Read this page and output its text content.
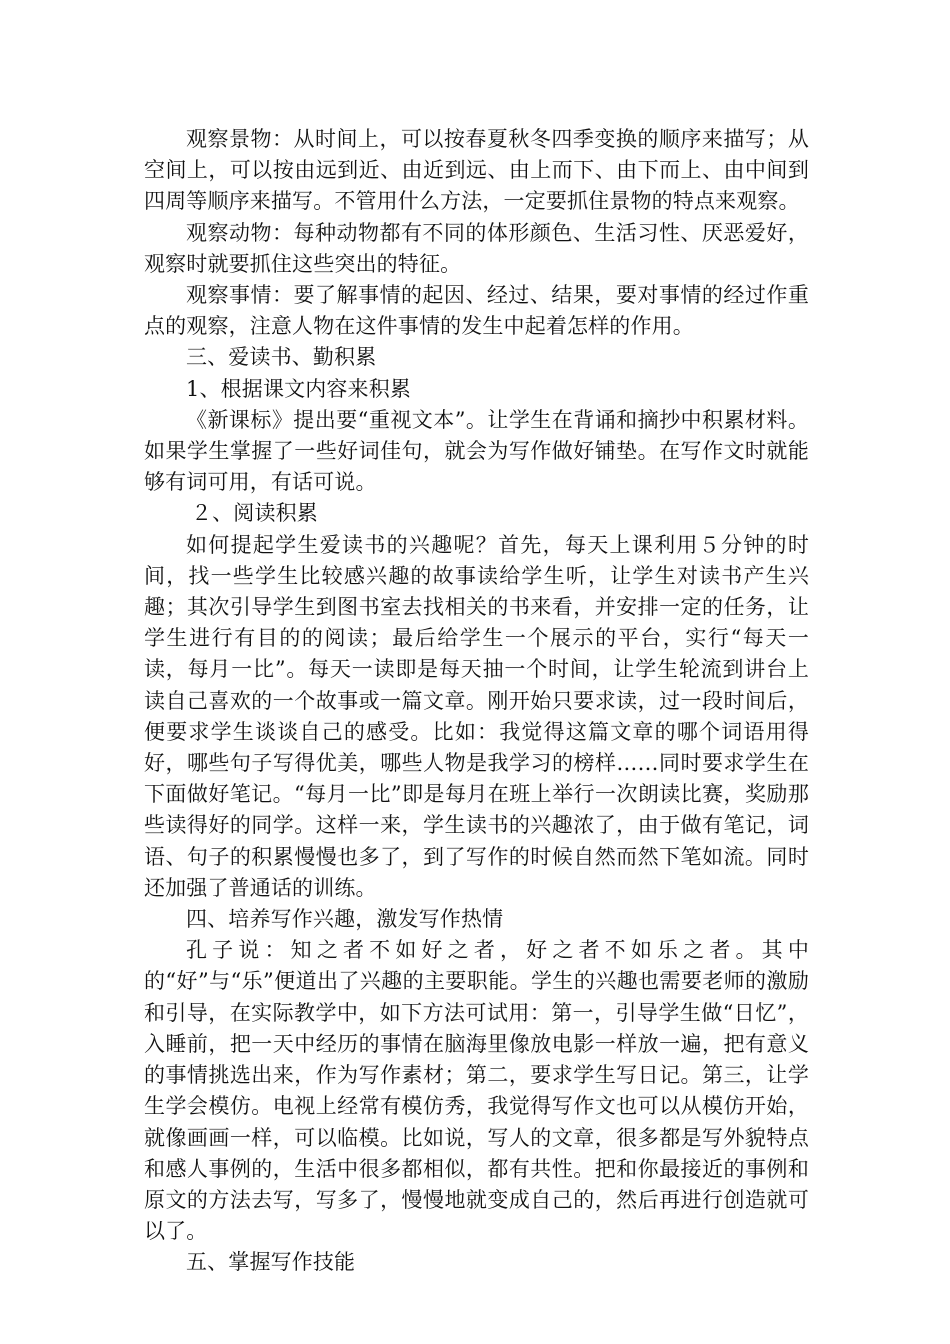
观察景物：从时间上，可以按春夏秋冬四季变换的顺序来描写；从空间上，可以按由远到近、由近到远、由上而下、由下而上、由中间到四周等顺序来描写。不管用什么方法，一定要抓住景物的特点来观察。

观察动物：每种动物都有不同的体形颜色、生活习性、厌恶爱好，观察时就要抓住这些突出的特征。

观察事情：要了解事情的起因、经过、结果，要对事情的经过作重点的观察，注意人物在这件事情的发生中起着怎样的作用。

三、爱读书、勤积累

1、根据课文内容来积累

《新课标》提出要“重视文本”。让学生在背诵和摘抄中积累材料。如果学生掌握了一些好词佳句，就会为写作做好铺垫。在写作文时就能够有词可用，有话可说。

２、阅读积累

如何提起学生爱读书的兴趣呢？首先，每天上课利用５分钟的时间，找一些学生比较感兴趣的故事读给学生听，让学生对读书产生兴趣；其次引导学生到图书室去找相关的书来看，并安排一定的任务，让学生进行有目的的阅读；最后给学生一个展示的平台，实行“每天一读，每月一比”。每天一读即是每天抽一个时间，让学生轮流到讲台上读自己喜欢的一个故事或一篇文章。刚开始只要求读，过一段时间后，便要求学生谈谈自己的感受。比如：我觉得这篇文章的哪个词语用得好，哪些句子写得优美，哪些人物是我学习的榜样……同时要求学生在下面做好笔记。“每月一比”即是每月在班上举行一次朗读比赛，奖励那些读得好的同学。这样一来，学生读书的兴趣浓了，由于做有笔记，词语、句子的积累慢慢也多了，到了写作的时候自然而然下笔如流。同时还加强了普通话的训练。

四、培养写作兴趣，激发写作热情

孔子说：知之者不如好之者，好之者不如乐之者。其中的“好”与“乐”便道出了兴趣的主要职能。学生的兴趣也需要老师的激励和引导，在实际教学中，如下方法可试用：第一，引导学生做“日忆”，入睡前，把一天中经历的事情在脑海里像放电影一样放一遍，把有意义的事情挑选出来，作为写作素材；第二，要求学生写日记。第三，让学生学会模仿。电视上经常有模仿秀，我觉得写作文也可以从模仿开始，就像画画一样，可以临模。比如说，写人的文章，很多都是写外貌特点和感人事例的，生活中很多都相似，都有共性。把和你最接近的事例和原文的方法去写，写多了，慢慢地就变成自己的，然后再进行创造就可以了。

五、掌握写作技能
